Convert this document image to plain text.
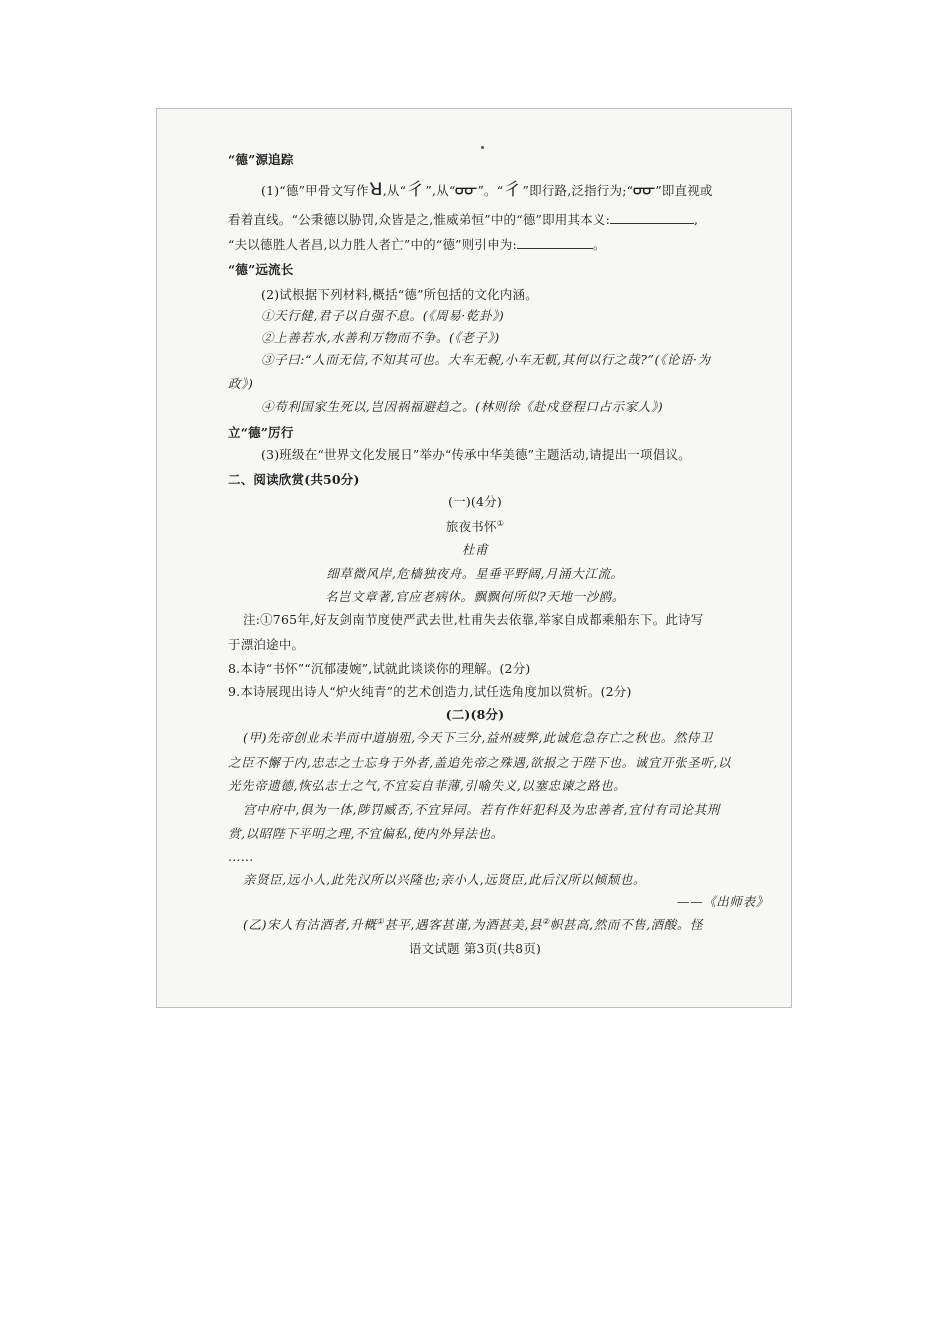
“德”源追踪
(1)“德”甲骨文写作ꓤ,从“彳”,从“ᡂ”。“彳”即行路,泛指行为;“ᡂ”即直视或
看着直线。“公秉德以胁罚,众皆是之,惟威弟恒”中的“德”即用其本义:	,
“夫以德胜人者昌,以力胜人者亡”中的“德”则引申为:	。
“德”远流长
(2)试根据下列材料,概括“德”所包括的文化内涵。
①天行健,君子以自强不息。(《周易·乾卦》)
②上善若水,水善利万物而不争。(《老子》)
③子曰:“人而无信,不知其可也。大车无輗,小车无軏,其何以行之哉?”(《论语·为
政》)
④苟利国家生死以,岂因祸福避趋之。(林则徐《赴戍登程口占示家人》)
立“德”厉行
(3)班级在“世界文化发展日”举办“传承中华美德”主题活动,请提出一项倡议。
二、阅读欣赏(共50分)
(一)(4分)
旅夜书怀①
杜甫
细草微风岸,危樯独夜舟。星垂平野阔,月涌大江流。
名岂文章著,官应老病休。飘飘何所似?天地一沙鸥。
注:①765年,好友剑南节度使严武去世,杜甫失去依靠,举家自成都乘船东下。此诗写
于漂泊途中。
8.本诗“书怀”“沉郁凄婉”,试就此谈谈你的理解。(2分)
9.本诗展现出诗人“炉火纯青”的艺术创造力,试任选角度加以赏析。(2分)
(二)(8分)
(甲)先帝创业未半而中道崩殂,今天下三分,益州疲弊,此诚危急存亡之秋也。然侍卫
之臣不懈于内,忠志之士忘身于外者,盖追先帝之殊遇,欲报之于陛下也。诚宜开张圣听,以
光先帝遗德,恢弘志士之气,不宜妄自菲薄,引喻失义,以塞忠谏之路也。
宫中府中,俱为一体,陟罚臧否,不宜异同。若有作奸犯科及为忠善者,宜付有司论其刑
赏,以昭陛下平明之理,不宜偏私,使内外异法也。
……
亲贤臣,远小人,此先汉所以兴隆也;亲小人,远贤臣,此后汉所以倾颓也。
——《出师表》
(乙)宋人有沽酒者,升概①甚平,遇客甚谨,为酒甚美,县②帜甚高,然而不售,酒酸。怪
语文试题 第3页(共8页)
